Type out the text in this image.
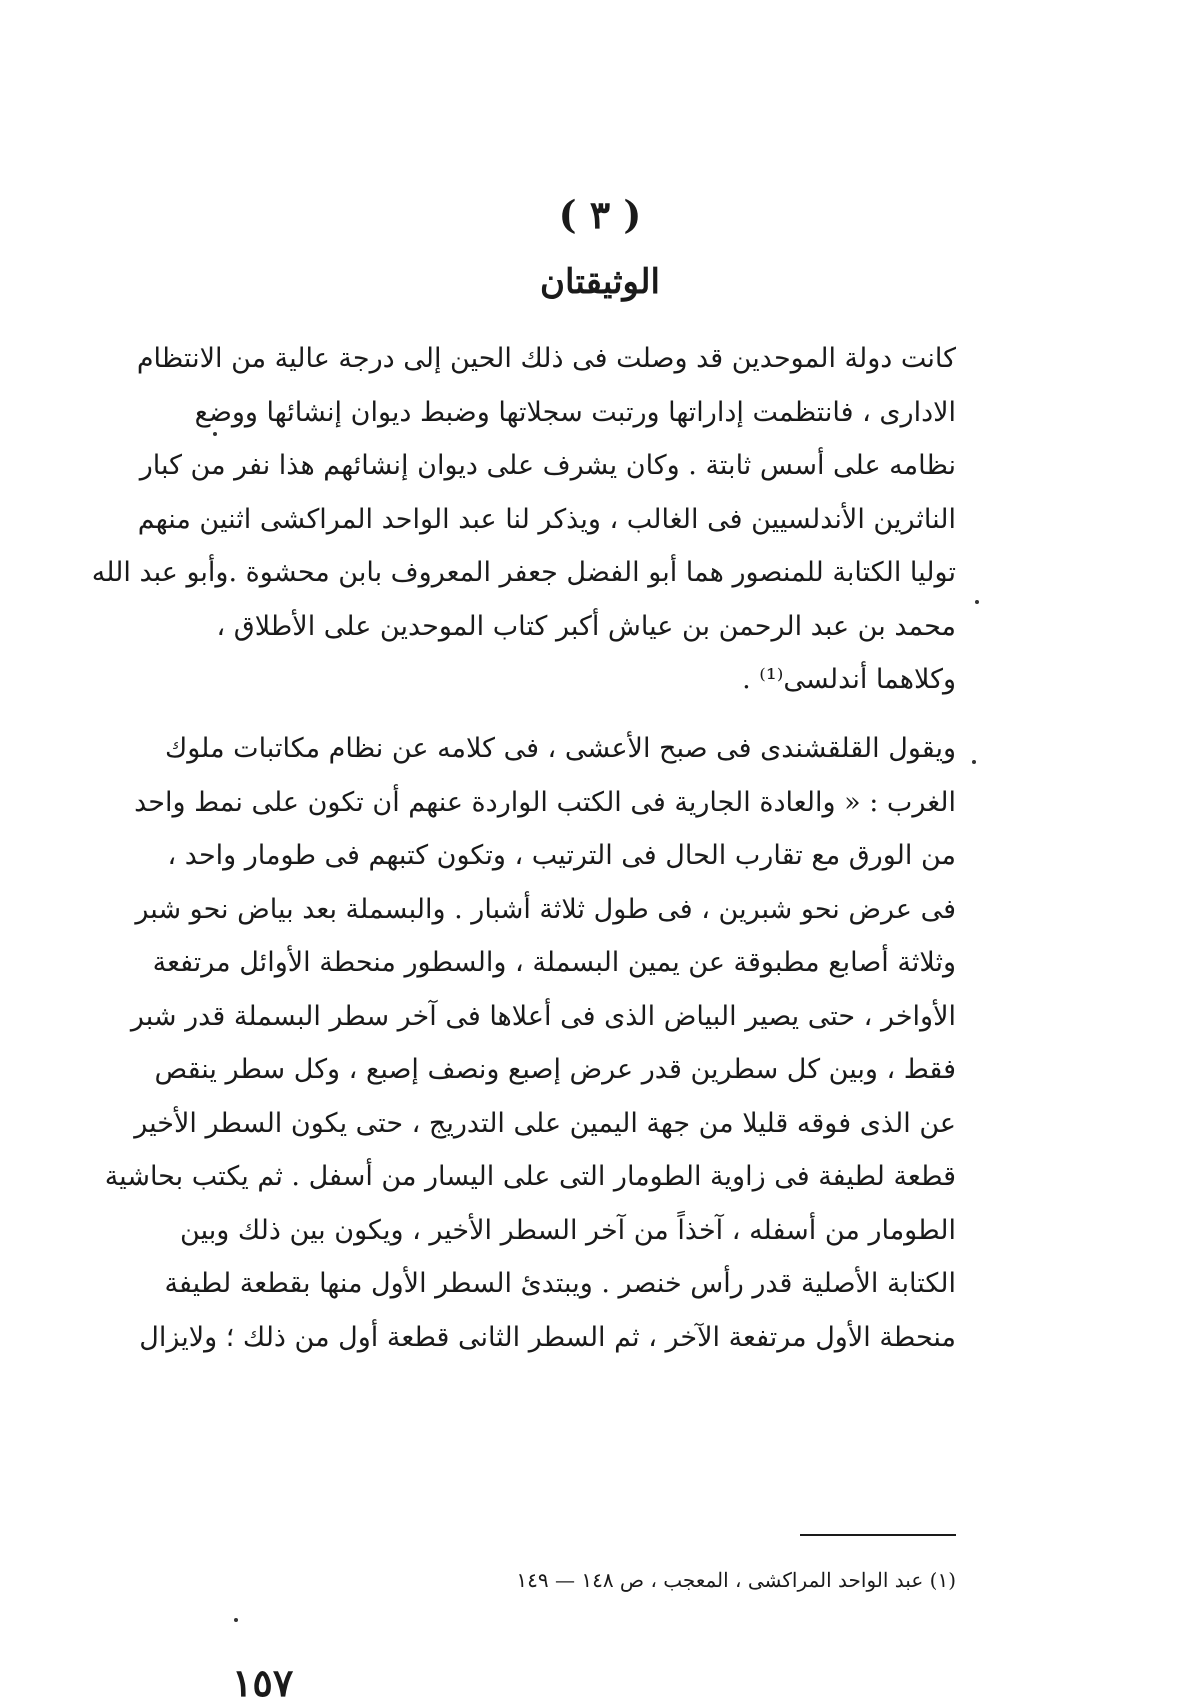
( ٣ )
الوثيقتان
كانت دولة الموحدين قد وصلت فى ذلك الحين إلى درجة عالية من الانتظام
الادارى ، فانتظمت إداراتها ورتبت سجلاتها وضبط ديوان إنشائها ووضع
نظامه على أسس ثابتة . وكان يشرف على ديوان إنشائهم هذا نفر من كبار
الناثرين الأندلسيين فى الغالب ، ويذكر لنا عبد الواحد المراكشى اثنين منهم
توليا الكتابة للمنصور هما أبو الفضل جعفر المعروف بابن محشوة .وأبو عبد الله
محمد بن عبد الرحمن بن عياش أكبر كتاب الموحدين على الأطلاق ،
وكلاهما أندلسى⁽¹⁾ .
ويقول القلقشندى فى صبح الأعشى ، فى كلامه عن نظام مكاتبات ملوك
الغرب : « والعادة الجارية فى الكتب الواردة عنهم أن تكون على نمط واحد
من الورق مع تقارب الحال فى الترتيب ، وتكون كتبهم فى طومار واحد ،
فى عرض نحو شبرين ، فى طول ثلاثة أشبار . والبسملة بعد بياض نحو شبر
وثلاثة أصابع مطبوقة عن يمين البسملة ، والسطور منحطة الأوائل مرتفعة
الأواخر ، حتى يصير البياض الذى فى أعلاها فى آخر سطر البسملة قدر شبر
فقط ، وبين كل سطرين قدر عرض إصبع ونصف إصبع ، وكل سطر ينقص
عن الذى فوقه قليلا من جهة اليمين على التدريج ، حتى يكون السطر الأخير
قطعة لطيفة فى زاوية الطومار التى على اليسار من أسفل . ثم يكتب بحاشية
الطومار من أسفله ، آخذاً من آخر السطر الأخير ، ويكون بين ذلك وبين
الكتابة الأصلية قدر رأس خنصر . ويبتدئ السطر الأول منها بقطعة لطيفة
منحطة الأول مرتفعة الآخر ، ثم السطر الثانى قطعة أول من ذلك ؛ ولايزال
(١) عبد الواحد المراكشى ، المعجب ، ص ١٤٨ — ١٤٩
١٥٧
